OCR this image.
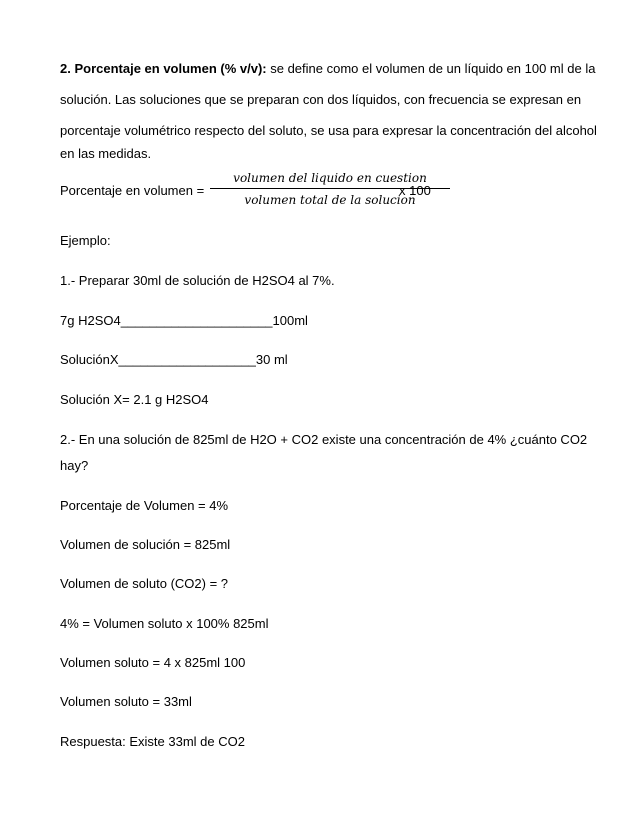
2. Porcentaje en volumen (% v/v): se define como el volumen de un líquido en 100 ml de la
solución. Las soluciones que se preparan con dos líquidos, con frecuencia se expresan en
porcentaje volumétrico respecto del soluto, se usa para expresar la concentración del alcohol
en las medidas.
Porcentaje en volumen =
volumen del liquido en cuestion
volumen total de la solucion
x 100
Ejemplo:
1.- Preparar 30ml de solución de H2SO4 al 7%.
7g H2SO4_____________________100ml
SoluciónX___________________30 ml
Solución X= 2.1 g H2SO4
2.- En una solución de 825ml de H2O + CO2 existe una concentración de 4% ¿cuánto CO2
hay?
Porcentaje de Volumen = 4%
Volumen de solución = 825ml
Volumen de soluto (CO2) = ?
4% = Volumen soluto x 100% 825ml
Volumen soluto = 4 x 825ml 100
Volumen soluto = 33ml
Respuesta: Existe 33ml de CO2
